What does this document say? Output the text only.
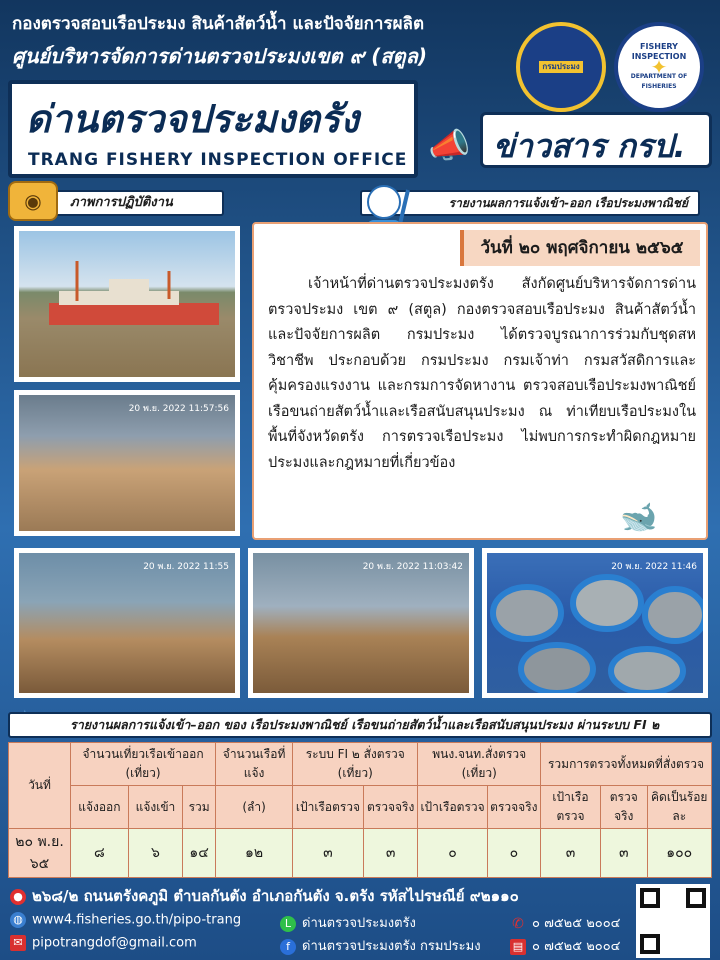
กองตรวจสอบเรือประมง สินค้าสัตว์น้ำ และปัจจัยการผลิต
ศูนย์บริหารจัดการด่านตรวจประมงเขต ๙ (สตูล)
ด่านตรวจประมงตรัง
TRANG FISHERY INSPECTION OFFICE
กรมประมง
FISHERY INSPECTION
✦
DEPARTMENT OF FISHERIES
📣 ข่าวสาร กรป.
ภาพการปฏิบัติงาน
◉	รายงานผลการแจ้งเข้า-ออก เรือประมงพาณิชย์
20 พ.ย. 2022 11:57:56
20 พ.ย. 2022 11:55	20 พ.ย. 2022 11:03:42	20 พ.ย. 2022 11:46
วันที่ ๒๐ พฤศจิกายน ๒๕๖๕

เจ้าหน้าที่ด่านตรวจประมงตรัง สังกัดศูนย์บริหารจัดการด่านตรวจประมง เขต ๙ (สตูล) กองตรวจสอบเรือประมง สินค้าสัตว์น้ำ และปัจจัยการผลิต กรมประมง ได้ตรวจบูรณาการร่วมกับชุดสหวิชาชีพ ประกอบด้วย กรมประมง กรมเจ้าท่า กรมสวัสดิการและคุ้มครองแรงงาน และกรมการจัดหางาน ตรวจสอบเรือประมงพาณิชย์ เรือขนถ่ายสัตว์น้ำและเรือสนับสนุนประมง ณ ท่าเทียบเรือประมงในพื้นที่จังหวัดตรัง การตรวจเรือประมง ไม่พบการกระทำผิดกฎหมายประมงและกฎหมายที่เกี่ยวข้อง

🐋
รายงานผลการแจ้งเข้า–ออก ของ เรือประมงพาณิชย์ เรือขนถ่ายสัตว์น้ำและเรือสนับสนุนประมง ผ่านระบบ FI ๒
วันที่	จำนวนเที่ยวเรือเข้าออก (เที่ยว)			จำนวนเรือที่แจ้ง	ระบบ FI ๒ สั่งตรวจ (เที่ยว)		พนง.จนท.สั่งตรวจ (เที่ยว)		รวมการตรวจทั้งหมดที่สั่งตรวจ		
	แจ้งออก	แจ้งเข้า	รวม	(ลำ)	เป้าเรือตรวจ	ตรวจจริง	เป้าเรือตรวจ	ตรวจจริง	เป้าเรือตรวจ	ตรวจจริง	คิดเป็นร้อยละ
๒๐ พ.ย. ๖๕	๘	๖	๑๔	๑๒	๓	๓	๐	๐	๓	๓	๑๐๐
● ๒๖๘/๒ ถนนตรังคภูมิ ตำบลกันตัง อำเภอกันตัง จ.ตรัง รหัสไปรษณีย์ ๙๒๑๑๐
◍ www4.fisheries.go.th/pipo-trang
✉ pipotrangdof@gmail.com
L ด่านตรวจประมงตรัง
f ด่านตรวจประมงตรัง กรมประมง
✆ ๐ ๗๕๒๕ ๒๐๐๔
▤ ๐ ๗๕๒๕ ๒๐๐๔
